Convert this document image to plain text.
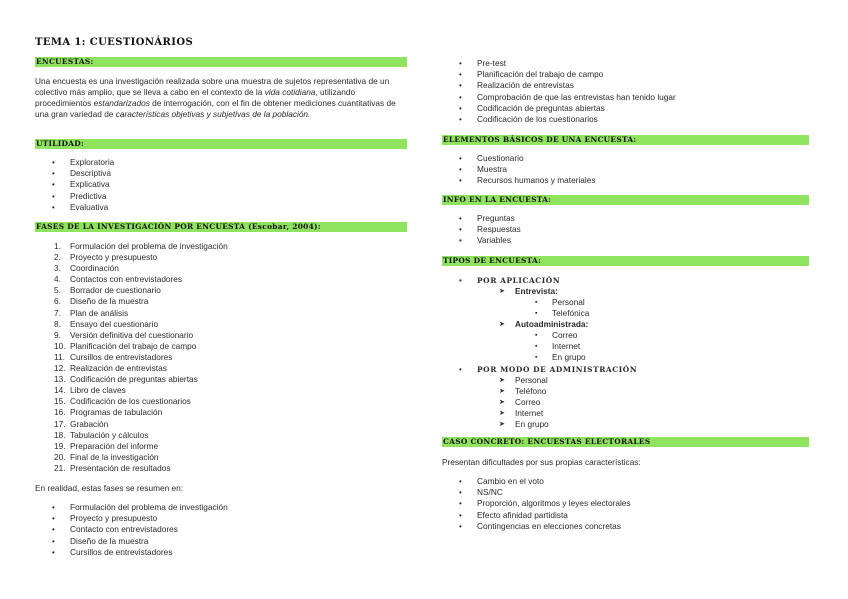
TEMA 1: CUESTIONÁRIOS
ENCUESTAS:
Una encuesta es una investigación realizada sobre una muestra de sujetos representativa de un colectivo más amplio, que se lleva a cabo en el contexto de la vida cotidiana, utilizando procedimientos estandarizados de interrogación, con el fin de obtener mediciones cuantitativas de una gran variedad de características objetivas y subjetivas de la población.
UTILIDAD:
• Exploratoria
• Descriptiva
• Explicativa
• Predictiva
• Evaluativa
FASES DE LA INVESTIGACIÓN POR ENCUESTA (Escobar, 2004):
1. Formulación del problema de investigación
2. Proyecto y presupuesto
3. Coordinación
4. Contactos con entrevistadores
5. Borrador de cuestionario
6. Diseño de la muestra
7. Plan de análisis
8. Ensayo del cuestionario
9. Versión definitiva del cuestionario
10. Planificación del trabajo de campo
11. Cursillos de entrevistadores
12. Realización de entrevistas
13. Codificación de preguntas abiertas
14. Libro de claves
15. Codificación de los cuestionarios
16. Programas de tabulación
17. Grabación
18. Tabulación y cálculos
19. Preparación del informe
20. Final de la investigación
21. Presentación de resultados
En realidad, estas fases se resumen en:
• Formulación del problema de investigación
• Proyecto y presupuesto
• Contacto con entrevistadores
• Diseño de la muestra
• Cursillos de entrevistadores
• Pre-test
• Planificación del trabajo de campo
• Realización de entrevistas
• Comprobación de que las entrevistas han tenido lugar
• Codificación de preguntas abiertas
• Codificación de los cuestionarios
ELEMENTOS BÁSICOS DE UNA ENCUESTA:
• Cuestionario
• Muestra
• Recursos humanos y materiales
INFO EN LA ENCUESTA:
• Preguntas
• Respuestas
• Variables
TIPOS DE ENCUESTA:
• POR APLICACIÓN
➤ Entrevista:
▪ Personal
▪ Telefónica
➤ Autoadministrada:
▪ Correo
▪ Internet
▪ En grupo
• POR MODO DE ADMINISTRACIÓN
➤ Personal
➤ Teléfono
➤ Correo
➤ Internet
➤ En grupo
CASO CONCRETO: ENCUESTAS ELECTORALES
Presentan dificultades por sus propias características:
• Cambio en el voto
• NS/NC
• Proporción, algoritmos y leyes electorales
• Efecto afinidad partidista
• Contingencias en elecciones concretas
